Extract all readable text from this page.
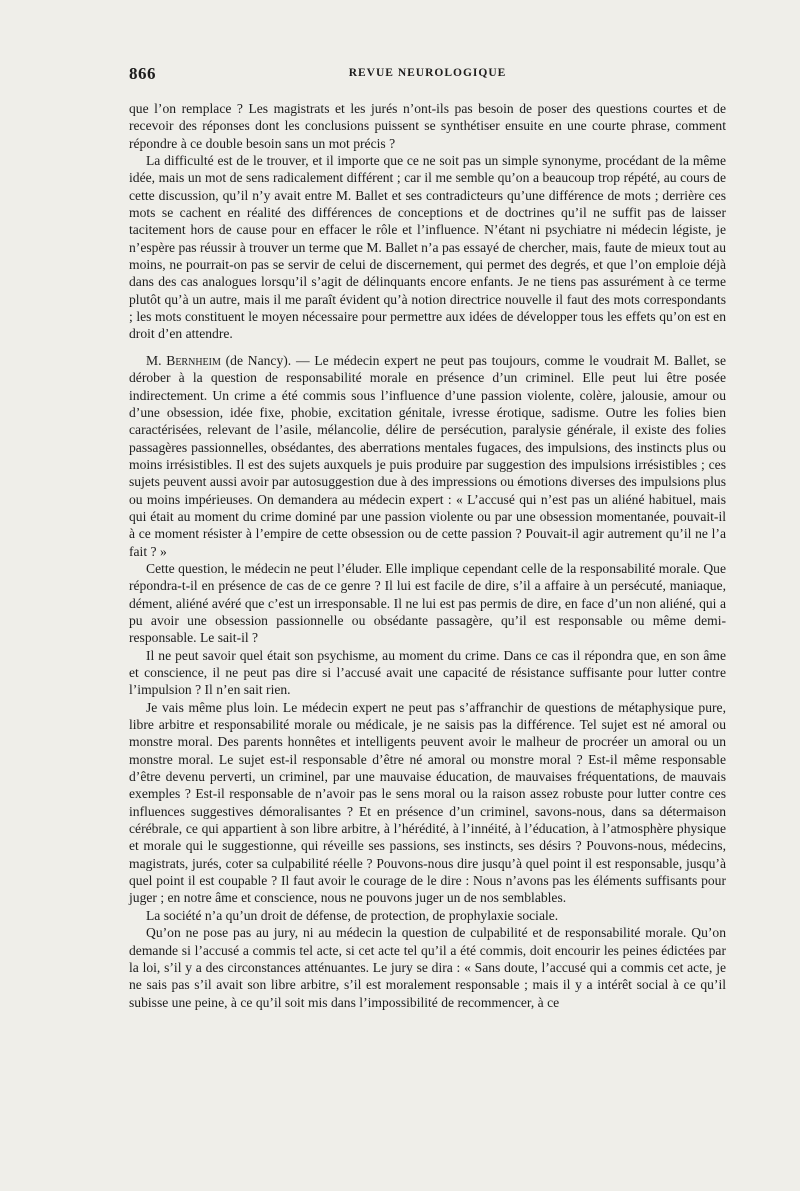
866	REVUE NEUROLOGIQUE

que l’on remplace ? Les magistrats et les jurés n’ont-ils pas besoin de poser des questions courtes et de recevoir des réponses dont les conclusions puissent se synthétiser ensuite en une courte phrase, comment répondre à ce double besoin sans un mot précis ?

La difficulté est de le trouver, et il importe que ce ne soit pas un simple synonyme, procédant de la même idée, mais un mot de sens radicalement différent ; car il me semble qu’on a beaucoup trop répété, au cours de cette discussion, qu’il n’y avait entre M. Ballet et ses contradicteurs qu’une différence de mots ; derrière ces mots se cachent en réalité des différences de conceptions et de doctrines qu’il ne suffit pas de laisser tacitement hors de cause pour en effacer le rôle et l’influence. N’étant ni psychiatre ni médecin légiste, je n’espère pas réussir à trouver un terme que M. Ballet n’a pas essayé de chercher, mais, faute de mieux tout au moins, ne pourrait-on pas se servir de celui de discernement, qui permet des degrés, et que l’on emploie déjà dans des cas analogues lorsqu’il s’agit de délinquants encore enfants. Je ne tiens pas assurément à ce terme plutôt qu’à un autre, mais il me paraît évident qu’à notion directrice nouvelle il faut des mots correspondants ; les mots constituent le moyen nécessaire pour permettre aux idées de développer tous les effets qu’on est en droit d’en attendre.

M. Bernheim (de Nancy). — Le médecin expert ne peut pas toujours, comme le voudrait M. Ballet, se dérober à la question de responsabilité morale en présence d’un criminel. Elle peut lui être posée indirectement. Un crime a été commis sous l’influence d’une passion violente, colère, jalousie, amour ou d’une obsession, idée fixe, phobie, excitation génitale, ivresse érotique, sadisme. Outre les folies bien caractérisées, relevant de l’asile, mélancolie, délire de persécution, paralysie générale, il existe des folies passagères passionnelles, obsédantes, des aberrations mentales fugaces, des impulsions, des instincts plus ou moins irrésistibles. Il est des sujets auxquels je puis produire par suggestion des impulsions irrésistibles ; ces sujets peuvent aussi avoir par autosuggestion due à des impressions ou émotions diverses des impulsions plus ou moins impérieuses. On demandera au médecin expert : « L’accusé qui n’est pas un aliéné habituel, mais qui était au moment du crime dominé par une passion violente ou par une obsession momentanée, pouvait-il à ce moment résister à l’empire de cette obsession ou de cette passion ? Pouvait-il agir autrement qu’il ne l’a fait ? »

Cette question, le médecin ne peut l’éluder. Elle implique cependant celle de la responsabilité morale. Que répondra-t-il en présence de cas de ce genre ? Il lui est facile de dire, s’il a affaire à un persécuté, maniaque, dément, aliéné avéré que c’est un irresponsable. Il ne lui est pas permis de dire, en face d’un non aliéné, qui a pu avoir une obsession passionnelle ou obsédante passagère, qu’il est responsable ou même demi-responsable. Le sait-il ?

Il ne peut savoir quel était son psychisme, au moment du crime. Dans ce cas il répondra que, en son âme et conscience, il ne peut pas dire si l’accusé avait une capacité de résistance suffisante pour lutter contre l’impulsion ? Il n’en sait rien.

Je vais même plus loin. Le médecin expert ne peut pas s’affranchir de questions de métaphysique pure, libre arbitre et responsabilité morale ou médicale, je ne saisis pas la différence. Tel sujet est né amoral ou monstre moral. Des parents honnêtes et intelligents peuvent avoir le malheur de procréer un amoral ou un monstre moral. Le sujet est-il responsable d’être né amoral ou monstre moral ? Est-il même responsable d’être devenu perverti, un criminel, par une mauvaise éducation, de mauvaises fréquentations, de mauvais exemples ? Est-il responsable de n’avoir pas le sens moral ou la raison assez robuste pour lutter contre ces influences suggestives démoralisantes ? Et en présence d’un criminel, savons-nous, dans sa détermaison cérébrale, ce qui appartient à son libre arbitre, à l’hérédité, à l’innéité, à l’éducation, à l’atmosphère physique et morale qui le suggestionne, qui réveille ses passions, ses instincts, ses désirs ? Pouvons-nous, médecins, magistrats, jurés, coter sa culpabilité réelle ? Pouvons-nous dire jusqu’à quel point il est responsable, jusqu’à quel point il est coupable ? Il faut avoir le courage de le dire : Nous n’avons pas les éléments suffisants pour juger ; en notre âme et conscience, nous ne pouvons juger un de nos semblables.

La société n’a qu’un droit de défense, de protection, de prophylaxie sociale.

Qu’on ne pose pas au jury, ni au médecin la question de culpabilité et de responsabilité morale. Qu’on demande si l’accusé a commis tel acte, si cet acte tel qu’il a été commis, doit encourir les peines édictées par la loi, s’il y a des circonstances atténuantes. Le jury se dira : « Sans doute, l’accusé qui a commis cet acte, je ne sais pas s’il avait son libre arbitre, s’il est moralement responsable ; mais il y a intérêt social à ce qu’il subisse une peine, à ce qu’il soit mis dans l’impossibilité de recommencer, à ce
